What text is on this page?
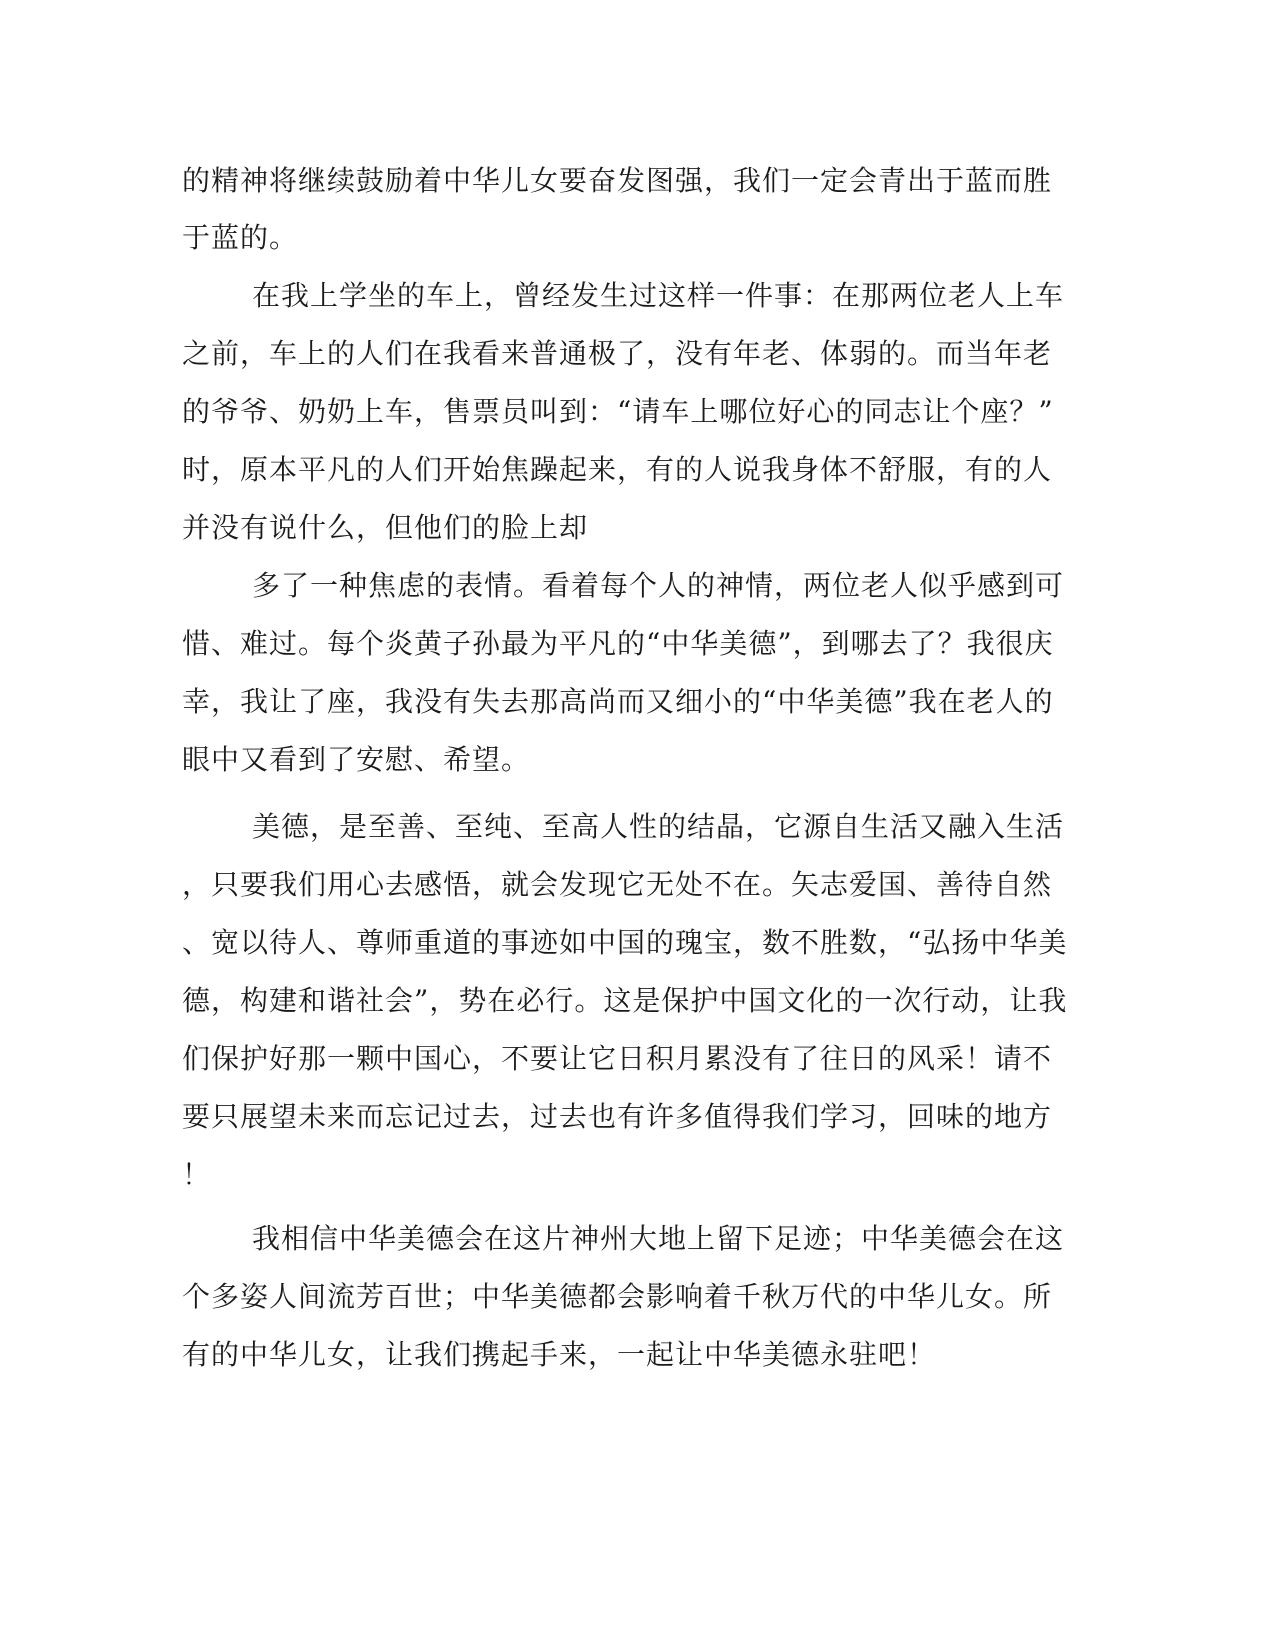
的精神将继续鼓励着中华儿女要奋发图强，我们一定会青出于蓝而胜
于蓝的。
在我上学坐的车上，曾经发生过这样一件事：在那两位老人上车
之前，车上的人们在我看来普通极了，没有年老、体弱的。而当年老
的爷爷、奶奶上车，售票员叫到：“请车上哪位好心的同志让个座？”
时，原本平凡的人们开始焦躁起来，有的人说我身体不舒服，有的人
并没有说什么，但他们的脸上却
多了一种焦虑的表情。看着每个人的神情，两位老人似乎感到可
惜、难过。每个炎黄子孙最为平凡的“中华美德”，到哪去了？我很庆
幸，我让了座，我没有失去那高尚而又细小的“中华美德”我在老人的
眼中又看到了安慰、希望。
美德，是至善、至纯、至高人性的结晶，它源自生活又融入生活
，只要我们用心去感悟，就会发现它无处不在。矢志爱国、善待自然
、宽以待人、尊师重道的事迹如中国的瑰宝，数不胜数，“弘扬中华美
德，构建和谐社会”，势在必行。这是保护中国文化的一次行动，让我
们保护好那一颗中国心，不要让它日积月累没有了往日的风采！请不
要只展望未来而忘记过去，过去也有许多值得我们学习，回味的地方
！
我相信中华美德会在这片神州大地上留下足迹；中华美德会在这
个多姿人间流芳百世；中华美德都会影响着千秋万代的中华儿女。所
有的中华儿女，让我们携起手来，一起让中华美德永驻吧！
